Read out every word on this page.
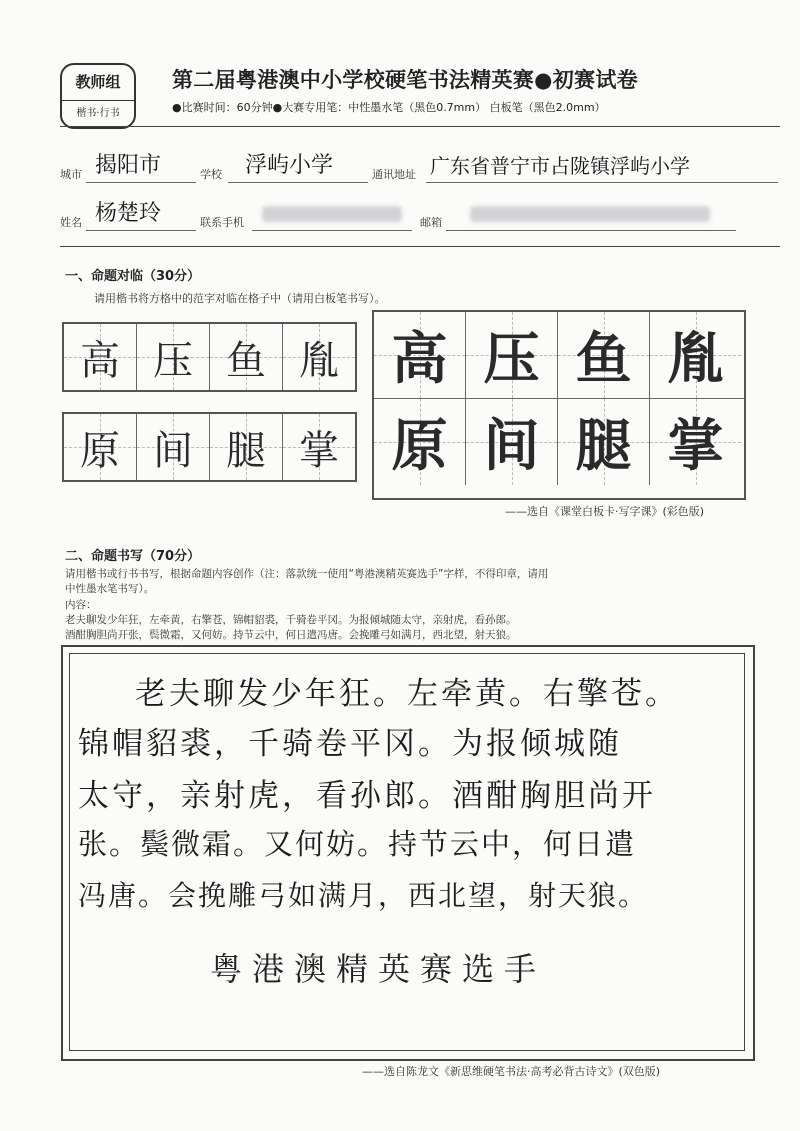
教师组
楷书·行书
第二届粤港澳中小学校硬笔书法精英赛●初赛试卷
●比赛时间：60分钟●大赛专用笔：中性墨水笔（黑色0.7mm） 白板笔（黑色2.0mm）
城市 揭阳市	学校 浮屿小学	通讯地址 广东省普宁市占陇镇浮屿小学
姓名 杨楚玲	联系手机	邮箱
一、命题对临（30分）
请用楷书将方格中的范字对临在格子中（请用白板笔书写）。
高 压 鱼 胤
原 间 腿 掌
高 压 鱼 胤
原 间 腿 掌
——选自《课堂白板卡·写字课》(彩色版)
二、命题书写（70分）
请用楷书或行书书写，根据命题内容创作（注：落款统一使用“粤港澳精英赛选手”字样，不得印章，请用
中性墨水笔书写）。
内容：
老夫聊发少年狂，左牵黄，右擎苍，锦帽貂裘，千骑卷平冈。为报倾城随太守，亲射虎，看孙郎。
酒酣胸胆尚开张，鬓微霜，又何妨。持节云中，何日遣冯唐。会挽雕弓如满月，西北望，射天狼。
老夫聊发少年狂。左牵黄。右擎苍。
锦帽貂裘，千骑卷平冈。为报倾城随
太守，亲射虎，看孙郎。酒酣胸胆尚开
张。鬓微霜。又何妨。持节云中，何日遣
冯唐。会挽雕弓如满月，西北望，射天狼。
粤港澳精英赛选手
——选自陈龙文《新思维硬笔书法·高考必背古诗文》(双色版)
